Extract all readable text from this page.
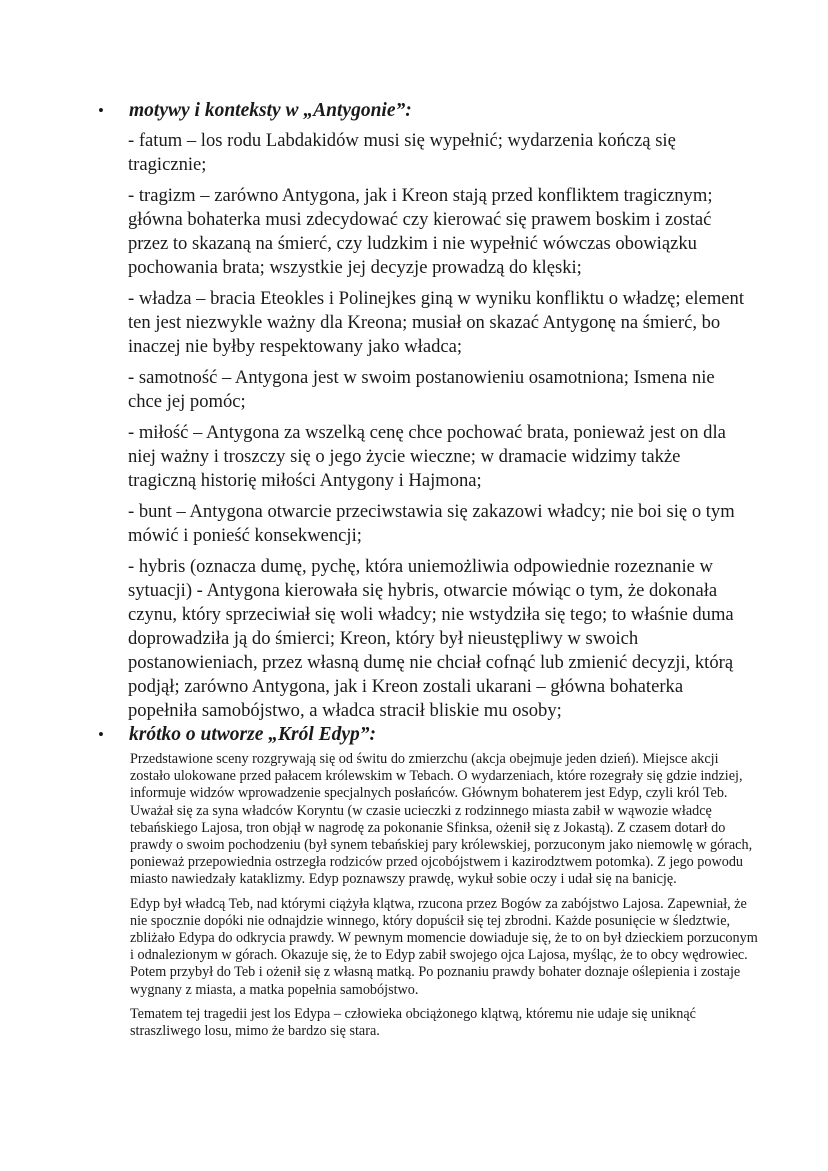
• motywy i konteksty w „Antygonie”:

- fatum – los rodu Labdakidów musi się wypełnić; wydarzenia kończą się tragicznie;

- tragizm – zarówno Antygona, jak i Kreon stają przed konfliktem tragicznym; główna bohaterka musi zdecydować czy kierować się prawem boskim i zostać przez to skazaną na śmierć, czy ludzkim i nie wypełnić wówczas obowiązku pochowania brata; wszystkie jej decyzje prowadzą do klęski;

- władza – bracia Eteokles i Polinejkes giną w wyniku konfliktu o władzę; element ten jest niezwykle ważny dla Kreona; musiał on skazać Antygonę na śmierć, bo inaczej nie byłby respektowany jako władca;

- samotność – Antygona jest w swoim postanowieniu osamotniona; Ismena nie chce jej pomóc;

- miłość – Antygona za wszelką cenę chce pochować brata, ponieważ jest on dla niej ważny i troszczy się o jego życie wieczne; w dramacie widzimy także tragiczną historię miłości Antygony i Hajmona;

- bunt – Antygona otwarcie przeciwstawia się zakazowi władcy; nie boi się o tym mówić i ponieść konsekwencji;

- hybris (oznacza dumę, pychę, która uniemożliwia odpowiednie rozeznanie w sytuacji) - Antygona kierowała się hybris, otwarcie mówiąc o tym, że dokonała czynu, który sprzeciwiał się woli władcy; nie wstydziła się tego; to właśnie duma doprowadziła ją do śmierci; Kreon, który był nieustępliwy w swoich postanowieniach, przez własną dumę nie chciał cofnąć lub zmienić decyzji, którą podjął; zarówno Antygona, jak i Kreon zostali ukarani – główna bohaterka popełniła samobójstwo, a władca stracił bliskie mu osoby;

• krótko o utworze „Król Edyp”:

Przedstawione sceny rozgrywają się od świtu do zmierzchu (akcja obejmuje jeden dzień). Miejsce akcji zostało ulokowane przed pałacem królewskim w Tebach. O wydarzeniach, które rozegrały się gdzie indziej, informuje widzów wprowadzenie specjalnych posłańców. Głównym bohaterem jest Edyp, czyli król Teb. Uważał się za syna władców Koryntu (w czasie ucieczki z rodzinnego miasta zabił w wąwozie władcę tebańskiego Lajosa, tron objął w nagrodę za pokonanie Sfinksa, ożenił się z Jokastą). Z czasem dotarł do prawdy o swoim pochodzeniu (był synem tebańskiej pary królewskiej, porzuconym jako niemowlę w górach, ponieważ przepowiednia ostrzegła rodziców przed ojcobójstwem i kazirodztwem potomka). Z jego powodu miasto nawiedzały kataklizmy. Edyp poznawszy prawdę, wykuł sobie oczy i udał się na banicję.

Edyp był władcą Teb, nad którymi ciążyła klątwa, rzucona przez Bogów za zabójstwo Lajosa. Zapewniał, że nie spocznie dopóki nie odnajdzie winnego, który dopuścił się tej zbrodni. Każde posunięcie w śledztwie, zbliżało Edypa do odkrycia prawdy. W pewnym momencie dowiaduje się, że to on był dzieckiem porzuconym i odnalezionym w górach. Okazuje się, że to Edyp zabił swojego ojca Lajosa, myśląc, że to obcy wędrowiec. Potem przybył do Teb i ożenił się z własną matką. Po poznaniu prawdy bohater doznaje oślepienia i zostaje wygnany z miasta, a matka popełnia samobójstwo.

Tematem tej tragedii jest los Edypa – człowieka obciążonego klątwą, któremu nie udaje się uniknąć straszliwego losu, mimo że bardzo się stara.
